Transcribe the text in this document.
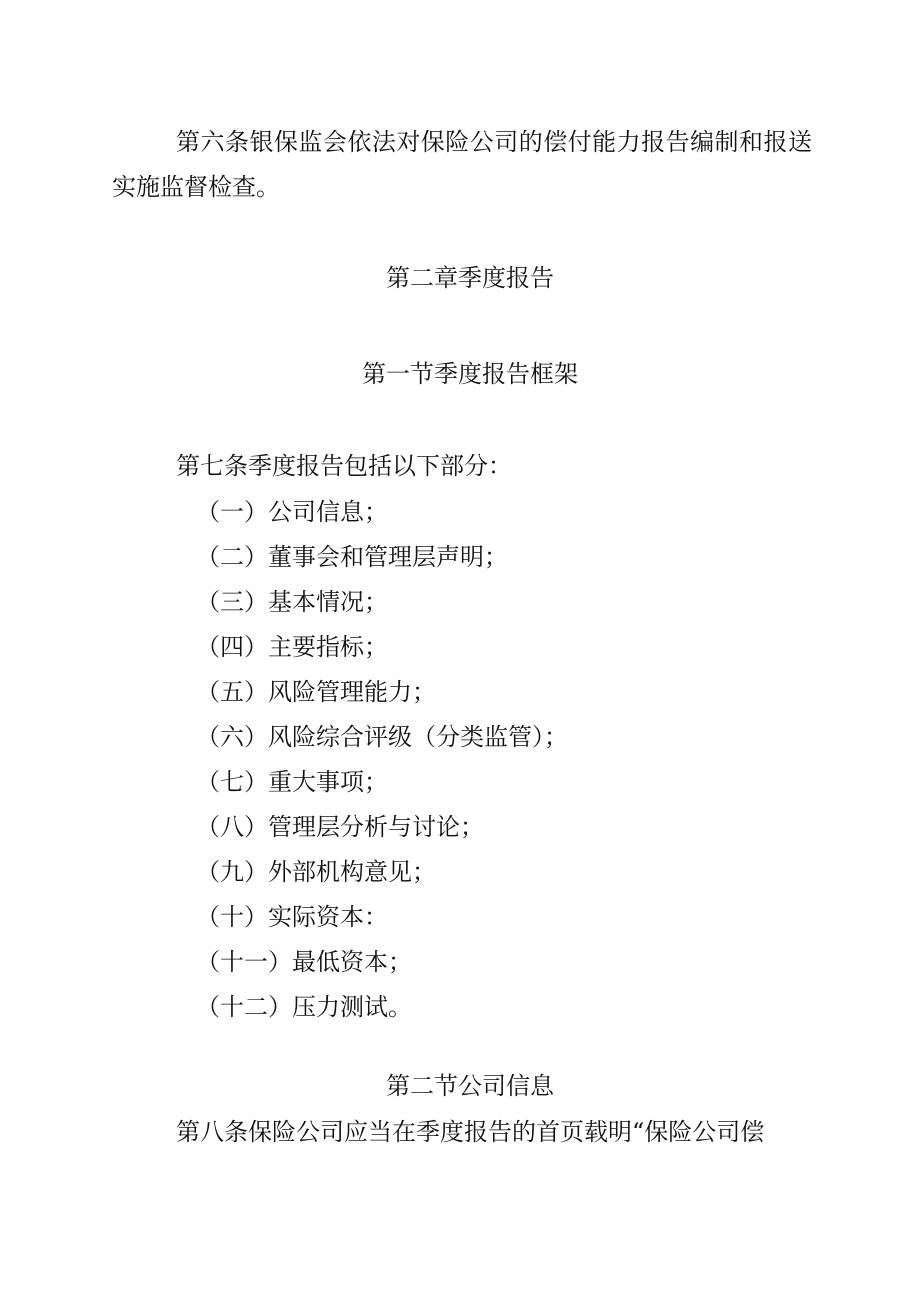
第六条银保监会依法对保险公司的偿付能力报告编制和报送实施监督检查。

第二章季度报告
第一节季度报告框架

第七条季度报告包括以下部分：

（一）公司信息；
（二）董事会和管理层声明；
（三）基本情况；
（四）主要指标；
（五）风险管理能力；
（六）风险综合评级（分类监管）；
（七）重大事项；
（八）管理层分析与讨论；
（九）外部机构意见；
（十）实际资本：
（十一）最低资本；
（十二）压力测试。
第二节公司信息

第八条保险公司应当在季度报告的首页载明“保险公司偿
